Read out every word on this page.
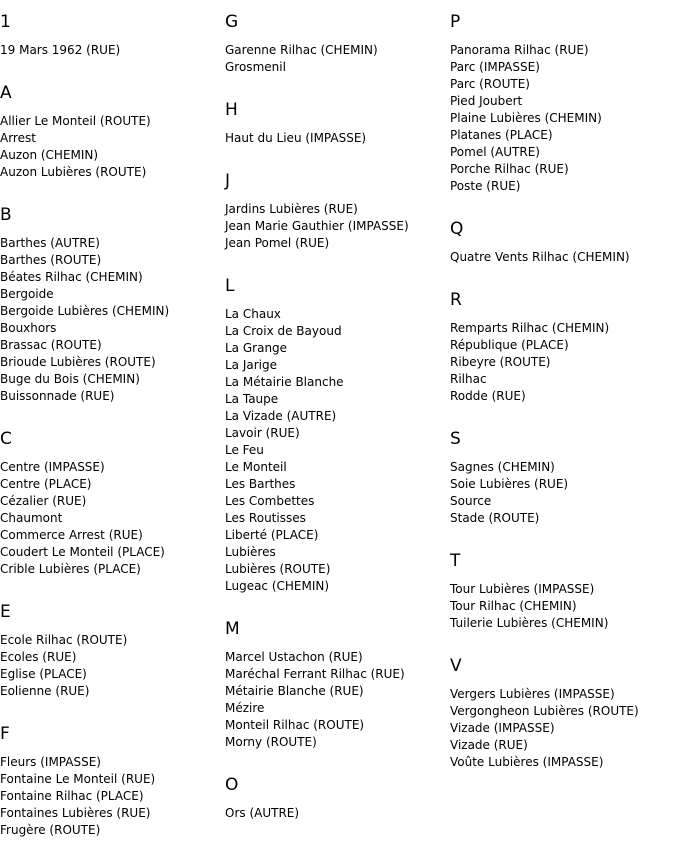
1
19 Mars 1962 (RUE)
A
Allier Le Monteil (ROUTE)
Arrest
Auzon (CHEMIN)
Auzon Lubières (ROUTE)
B
Barthes (AUTRE)
Barthes (ROUTE)
Béates Rilhac (CHEMIN)
Bergoide
Bergoide Lubières (CHEMIN)
Bouxhors
Brassac (ROUTE)
Brioude Lubières (ROUTE)
Buge du Bois (CHEMIN)
Buissonnade (RUE)
C
Centre (IMPASSE)
Centre (PLACE)
Cézalier (RUE)
Chaumont
Commerce Arrest (RUE)
Coudert Le Monteil (PLACE)
Crible Lubières (PLACE)
E
Ecole Rilhac (ROUTE)
Ecoles (RUE)
Eglise (PLACE)
Eolienne (RUE)
F
Fleurs (IMPASSE)
Fontaine Le Monteil (RUE)
Fontaine Rilhac (PLACE)
Fontaines Lubières (RUE)
Frugère (ROUTE)
G
Garenne Rilhac (CHEMIN)
Grosmenil
H
Haut du Lieu (IMPASSE)
J
Jardins Lubières (RUE)
Jean Marie Gauthier (IMPASSE)
Jean Pomel (RUE)
L
La Chaux
La Croix de Bayoud
La Grange
La Jarige
La Métairie Blanche
La Taupe
La Vizade (AUTRE)
Lavoir (RUE)
Le Feu
Le Monteil
Les Barthes
Les Combettes
Les Routisses
Liberté (PLACE)
Lubières
Lubières (ROUTE)
Lugeac (CHEMIN)
M
Marcel Ustachon (RUE)
Maréchal Ferrant Rilhac (RUE)
Métairie Blanche (RUE)
Mézire
Monteil Rilhac (ROUTE)
Morny (ROUTE)
O
Ors (AUTRE)
P
Panorama Rilhac (RUE)
Parc (IMPASSE)
Parc (ROUTE)
Pied Joubert
Plaine Lubières (CHEMIN)
Platanes (PLACE)
Pomel (AUTRE)
Porche Rilhac (RUE)
Poste (RUE)
Q
Quatre Vents Rilhac (CHEMIN)
R
Remparts Rilhac (CHEMIN)
République (PLACE)
Ribeyre (ROUTE)
Rilhac
Rodde (RUE)
S
Sagnes (CHEMIN)
Soie Lubières (RUE)
Source
Stade (ROUTE)
T
Tour Lubières (IMPASSE)
Tour Rilhac (CHEMIN)
Tuilerie Lubières (CHEMIN)
V
Vergers Lubières (IMPASSE)
Vergongheon Lubières (ROUTE)
Vizade (IMPASSE)
Vizade (RUE)
Voûte Lubières (IMPASSE)
